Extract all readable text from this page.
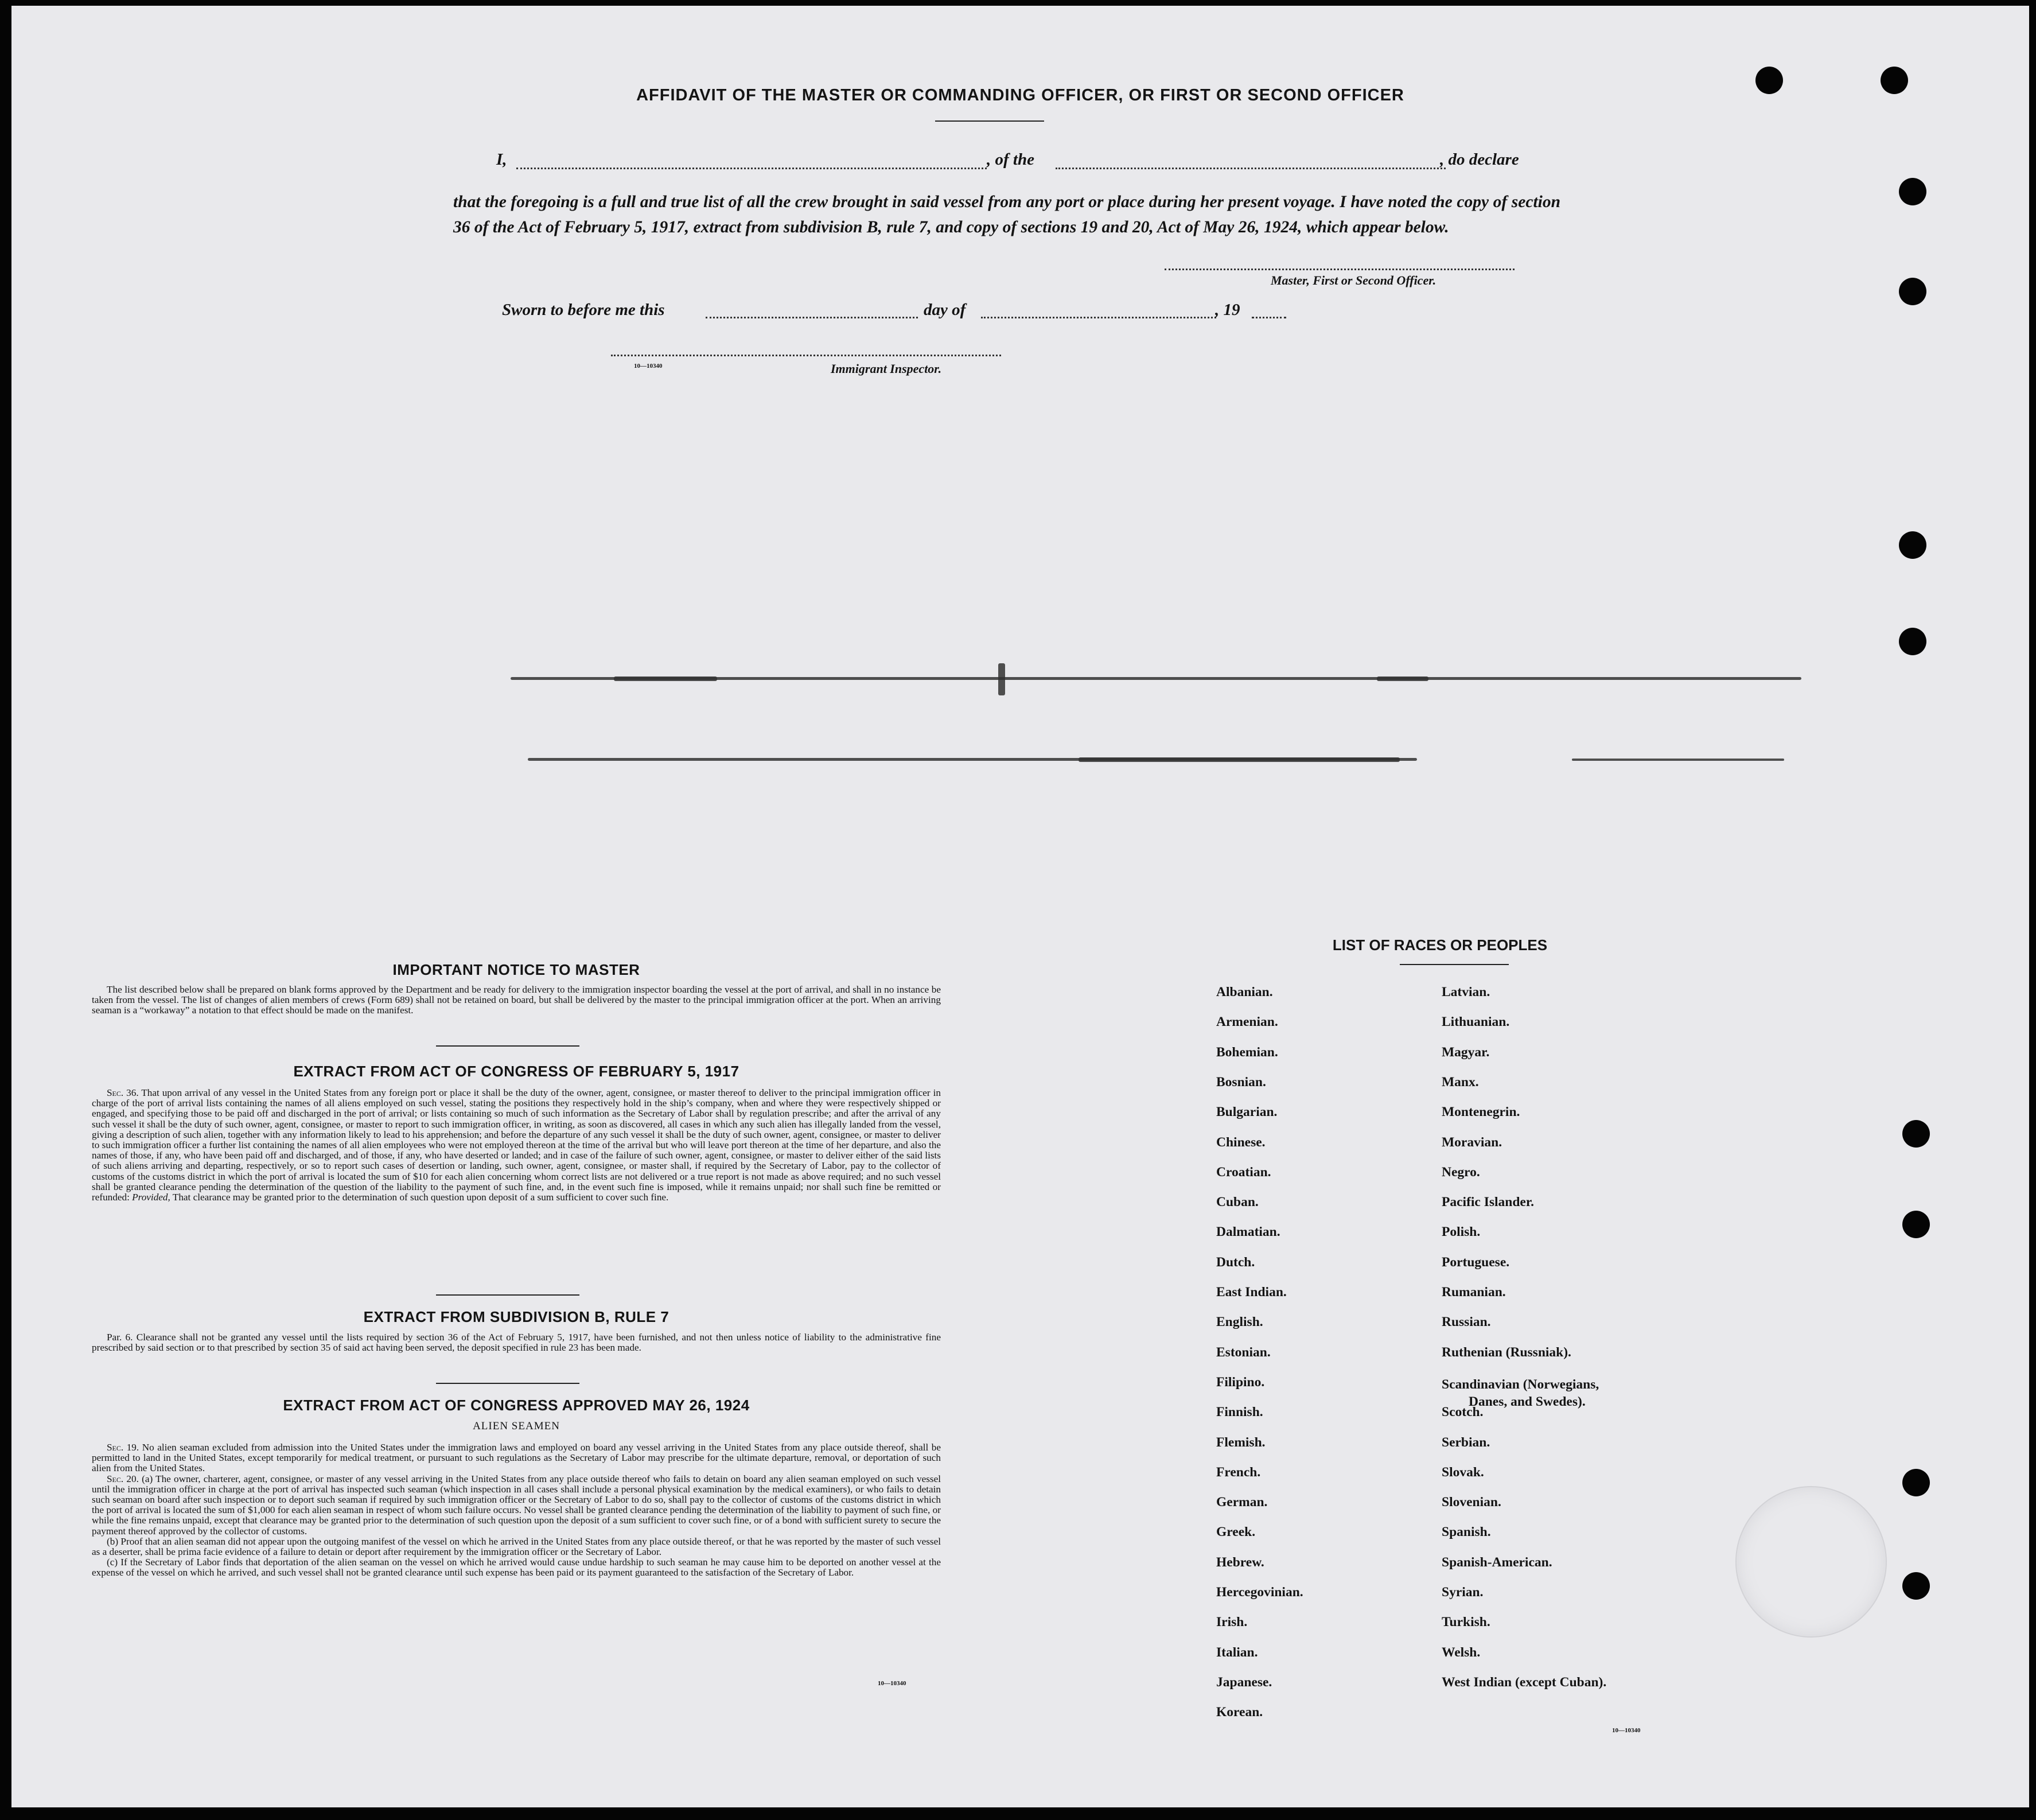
AFFIDAVIT OF THE MASTER OR COMMANDING OFFICER, OR FIRST OR SECOND OFFICER
I,	, of the	, do declare
that the foregoing is a full and true list of all the crew brought in said vessel from any port or place during her present voyage. I have noted the copy of section 36 of the Act of February 5, 1917, extract from subdivision B, rule 7, and copy of sections 19 and 20, Act of May 26, 1924, which appear below.
Master, First or Second Officer.
Sworn to before me this	day of	, 19
10—10340	Immigrant Inspector.
IMPORTANT NOTICE TO MASTER

The list described below shall be prepared on blank forms approved by the Department and be ready for delivery to the immigration inspector boarding the vessel at the port of arrival, and shall in no instance be taken from the vessel. The list of changes of alien members of crews (Form 689) shall not be retained on board, but shall be delivered by the master to the principal immigration officer at the port. When an arriving seaman is a “workaway” a notation to that effect should be made on the manifest.

EXTRACT FROM ACT OF CONGRESS OF FEBRUARY 5, 1917

Sec. 36. That upon arrival of any vessel in the United States from any foreign port or place it shall be the duty of the owner, agent, consignee, or master thereof to deliver to the principal immigration officer in charge of the port of arrival lists containing the names of all aliens employed on such vessel, stating the positions they respectively hold in the ship’s company, when and where they were respectively shipped or engaged, and specifying those to be paid off and discharged in the port of arrival; or lists containing so much of such information as the Secretary of Labor shall by regulation prescribe; and after the arrival of any such vessel it shall be the duty of such owner, agent, consignee, or master to report to such immigration officer, in writing, as soon as discovered, all cases in which any such alien has illegally landed from the vessel, giving a description of such alien, together with any information likely to lead to his apprehension; and before the departure of any such vessel it shall be the duty of such owner, agent, consignee, or master to deliver to such immigration officer a further list containing the names of all alien employees who were not employed thereon at the time of the arrival but who will leave port thereon at the time of her departure, and also the names of those, if any, who have been paid off and discharged, and of those, if any, who have deserted or landed; and in case of the failure of such owner, agent, consignee, or master to deliver either of the said lists of such aliens arriving and departing, respectively, or so to report such cases of desertion or landing, such owner, agent, consignee, or master shall, if required by the Secretary of Labor, pay to the collector of customs of the customs district in which the port of arrival is located the sum of $10 for each alien concerning whom correct lists are not delivered or a true report is not made as above required; and no such vessel shall be granted clearance pending the determination of the question of the liability to the payment of such fine, and, in the event such fine is imposed, while it remains unpaid; nor shall such fine be remitted or refunded: Provided, That clearance may be granted prior to the determination of such question upon deposit of a sum sufficient to cover such fine.

EXTRACT FROM SUBDIVISION B, RULE 7

Par. 6. Clearance shall not be granted any vessel until the lists required by section 36 of the Act of February 5, 1917, have been furnished, and not then unless notice of liability to the administrative fine prescribed by said section or to that prescribed by section 35 of said act having been served, the deposit specified in rule 23 has been made.

EXTRACT FROM ACT OF CONGRESS APPROVED MAY 26, 1924
ALIEN SEAMEN

Sec. 19. No alien seaman excluded from admission into the United States under the immigration laws and employed on board any vessel arriving in the United States from any place outside thereof, shall be permitted to land in the United States, except temporarily for medical treatment, or pursuant to such regulations as the Secretary of Labor may prescribe for the ultimate departure, removal, or deportation of such alien from the United States.

Sec. 20. (a) The owner, charterer, agent, consignee, or master of any vessel arriving in the United States from any place outside thereof who fails to detain on board any alien seaman employed on such vessel until the immigration officer in charge at the port of arrival has inspected such seaman (which inspection in all cases shall include a personal physical examination by the medical examiners), or who fails to detain such seaman on board after such inspection or to deport such seaman if required by such immigration officer or the Secretary of Labor to do so, shall pay to the collector of customs of the customs district in which the port of arrival is located the sum of $1,000 for each alien seaman in respect of whom such failure occurs. No vessel shall be granted clearance pending the determination of the liability to payment of such fine, or while the fine remains unpaid, except that clearance may be granted prior to the determination of such question upon the deposit of a sum sufficient to cover such fine, or of a bond with sufficient surety to secure the payment thereof approved by the collector of customs.

(b) Proof that an alien seaman did not appear upon the outgoing manifest of the vessel on which he arrived in the United States from any place outside thereof, or that he was reported by the master of such vessel as a deserter, shall be prima facie evidence of a failure to detain or deport after requirement by the immigration officer or the Secretary of Labor.

(c) If the Secretary of Labor finds that deportation of the alien seaman on the vessel on which he arrived would cause undue hardship to such seaman he may cause him to be deported on another vessel at the expense of the vessel on which he arrived, and such vessel shall not be granted clearance until such expense has been paid or its payment guaranteed to the satisfaction of the Secretary of Labor.

10—10340
LIST OF RACES OR PEOPLES
10—10340
Albanian.
Armenian.
Bohemian.
Bosnian.
Bulgarian.
Chinese.
Croatian.
Cuban.
Dalmatian.
Dutch.
East Indian.
English.
Estonian.
Filipino.
Finnish.
Flemish.
French.
German.
Greek.
Hebrew.
Hercegovinian.
Irish.
Italian.
Japanese.
Korean.
Latvian.
Lithuanian.
Magyar.
Manx.
Montenegrin.
Moravian.
Negro.
Pacific Islander.
Polish.
Portuguese.
Rumanian.
Russian.
Ruthenian (Russniak).
Scandinavian (Norwegians,
Danes, and Swedes).
Scotch.
Serbian.
Slovak.
Slovenian.
Spanish.
Spanish-American.
Syrian.
Turkish.
Welsh.
West Indian (except Cuban).
